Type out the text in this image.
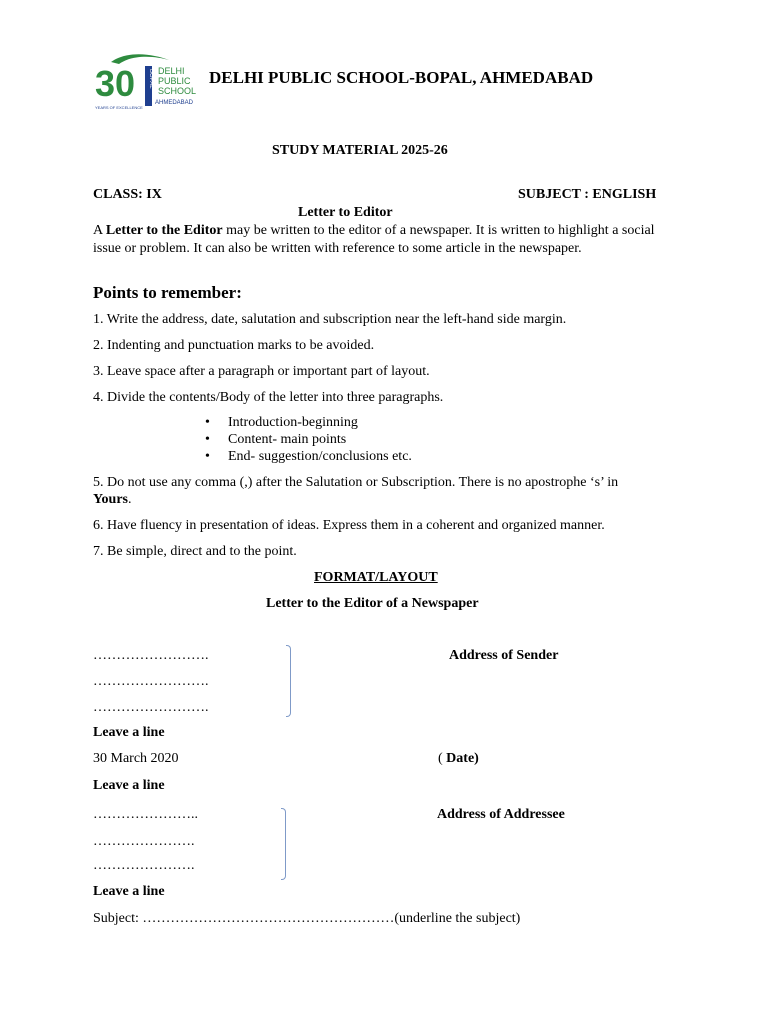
30	DELHI
PUBLIC
SCHOOL
AHMEDABAD
YEARS OF EXCELLENCE
BOPAL	DELHI PUBLIC SCHOOL-BOPAL, AHMEDABAD
STUDY MATERIAL 2025-26
CLASS: IX	SUBJECT : ENGLISH
Letter to Editor
A Letter to the Editor may be written to the editor of a newspaper. It is written to highlight a social issue or problem. It can also be written with reference to some article in the newspaper.
Points to remember:
1. Write the address, date, salutation and subscription near the left-hand side margin.
2. Indenting and punctuation marks to be avoided.
3. Leave space after a paragraph or important part of layout.
4. Divide the contents/Body of the letter into three paragraphs.
• Introduction-beginning
• Content- main points
• End- suggestion/conclusions etc.
5. Do not use any comma (,) after the Salutation or Subscription. There is no apostrophe ‘s’ in
Yours.
6. Have fluency in presentation of ideas. Express them in a coherent and organized manner.
7. Be simple, direct and to the point.
FORMAT/LAYOUT
Letter to the Editor of a Newspaper
…………………….
…………………….
…………………….
Address of Sender
Leave a line
30 March 2020	( Date)
Leave a line
…………………..
………………….
………………….
Address of Addressee
Leave a line
Subject: ………………………………………………(underline the subject)
